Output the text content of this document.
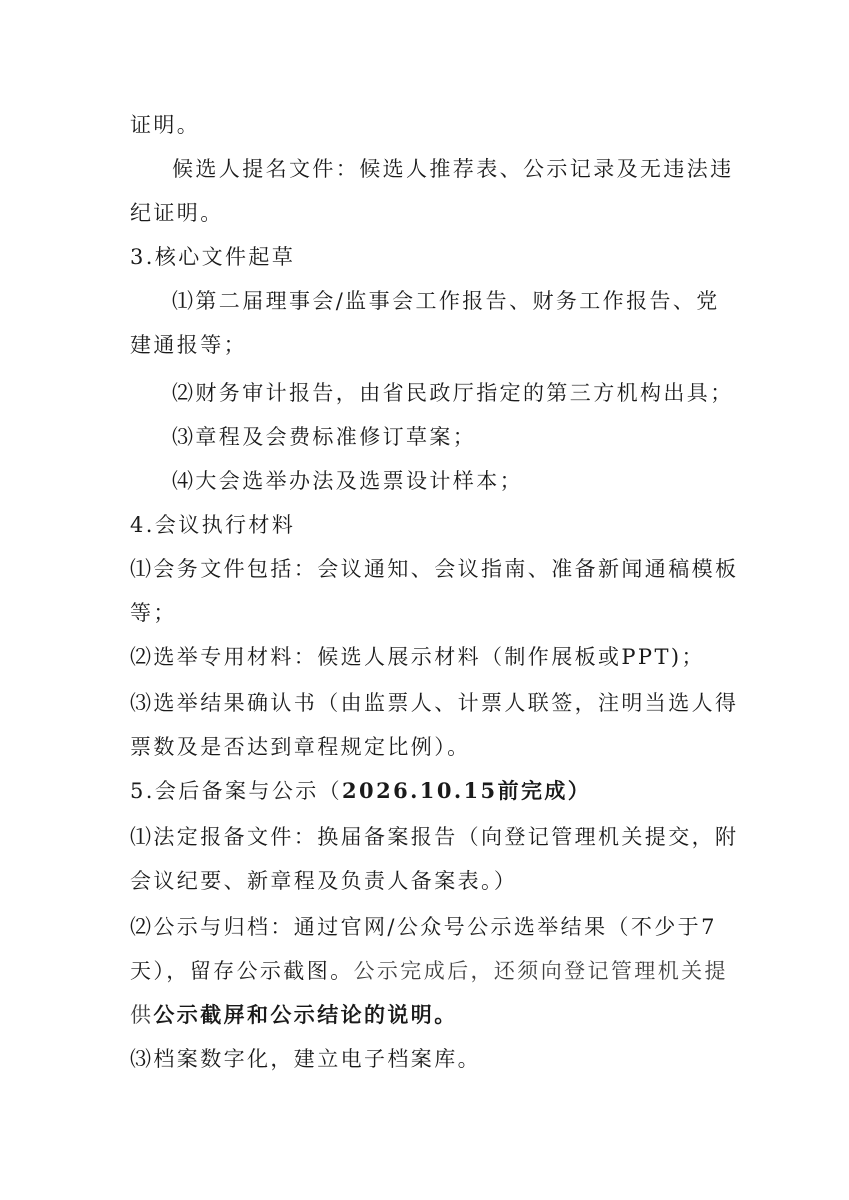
证明。
候选人提名文件：候选人推荐表、公示记录及无违法违
纪证明。
3.核心文件起草
⑴第二届理事会/监事会工作报告、财务工作报告、党
建通报等；
⑵财务审计报告，由省民政厅指定的第三方机构出具；
⑶章程及会费标准修订草案；
⑷大会选举办法及选票设计样本；
4.会议执行材料
⑴会务文件包括：会议通知、会议指南、准备新闻通稿模板
等；
⑵选举专用材料：候选人展示材料（制作展板或PPT)；
⑶选举结果确认书（由监票人、计票人联签，注明当选人得
票数及是否达到章程规定比例）。
5.会后备案与公示（2026.10.15前完成）
⑴法定报备文件：换届备案报告（向登记管理机关提交，附
会议纪要、新章程及负责人备案表。）
⑵公示与归档：通过官网/公众号公示选举结果（不少于7
天），留存公示截图。公示完成后，还须向登记管理机关提
供公示截屏和公示结论的说明。
⑶档案数字化，建立电子档案库。
